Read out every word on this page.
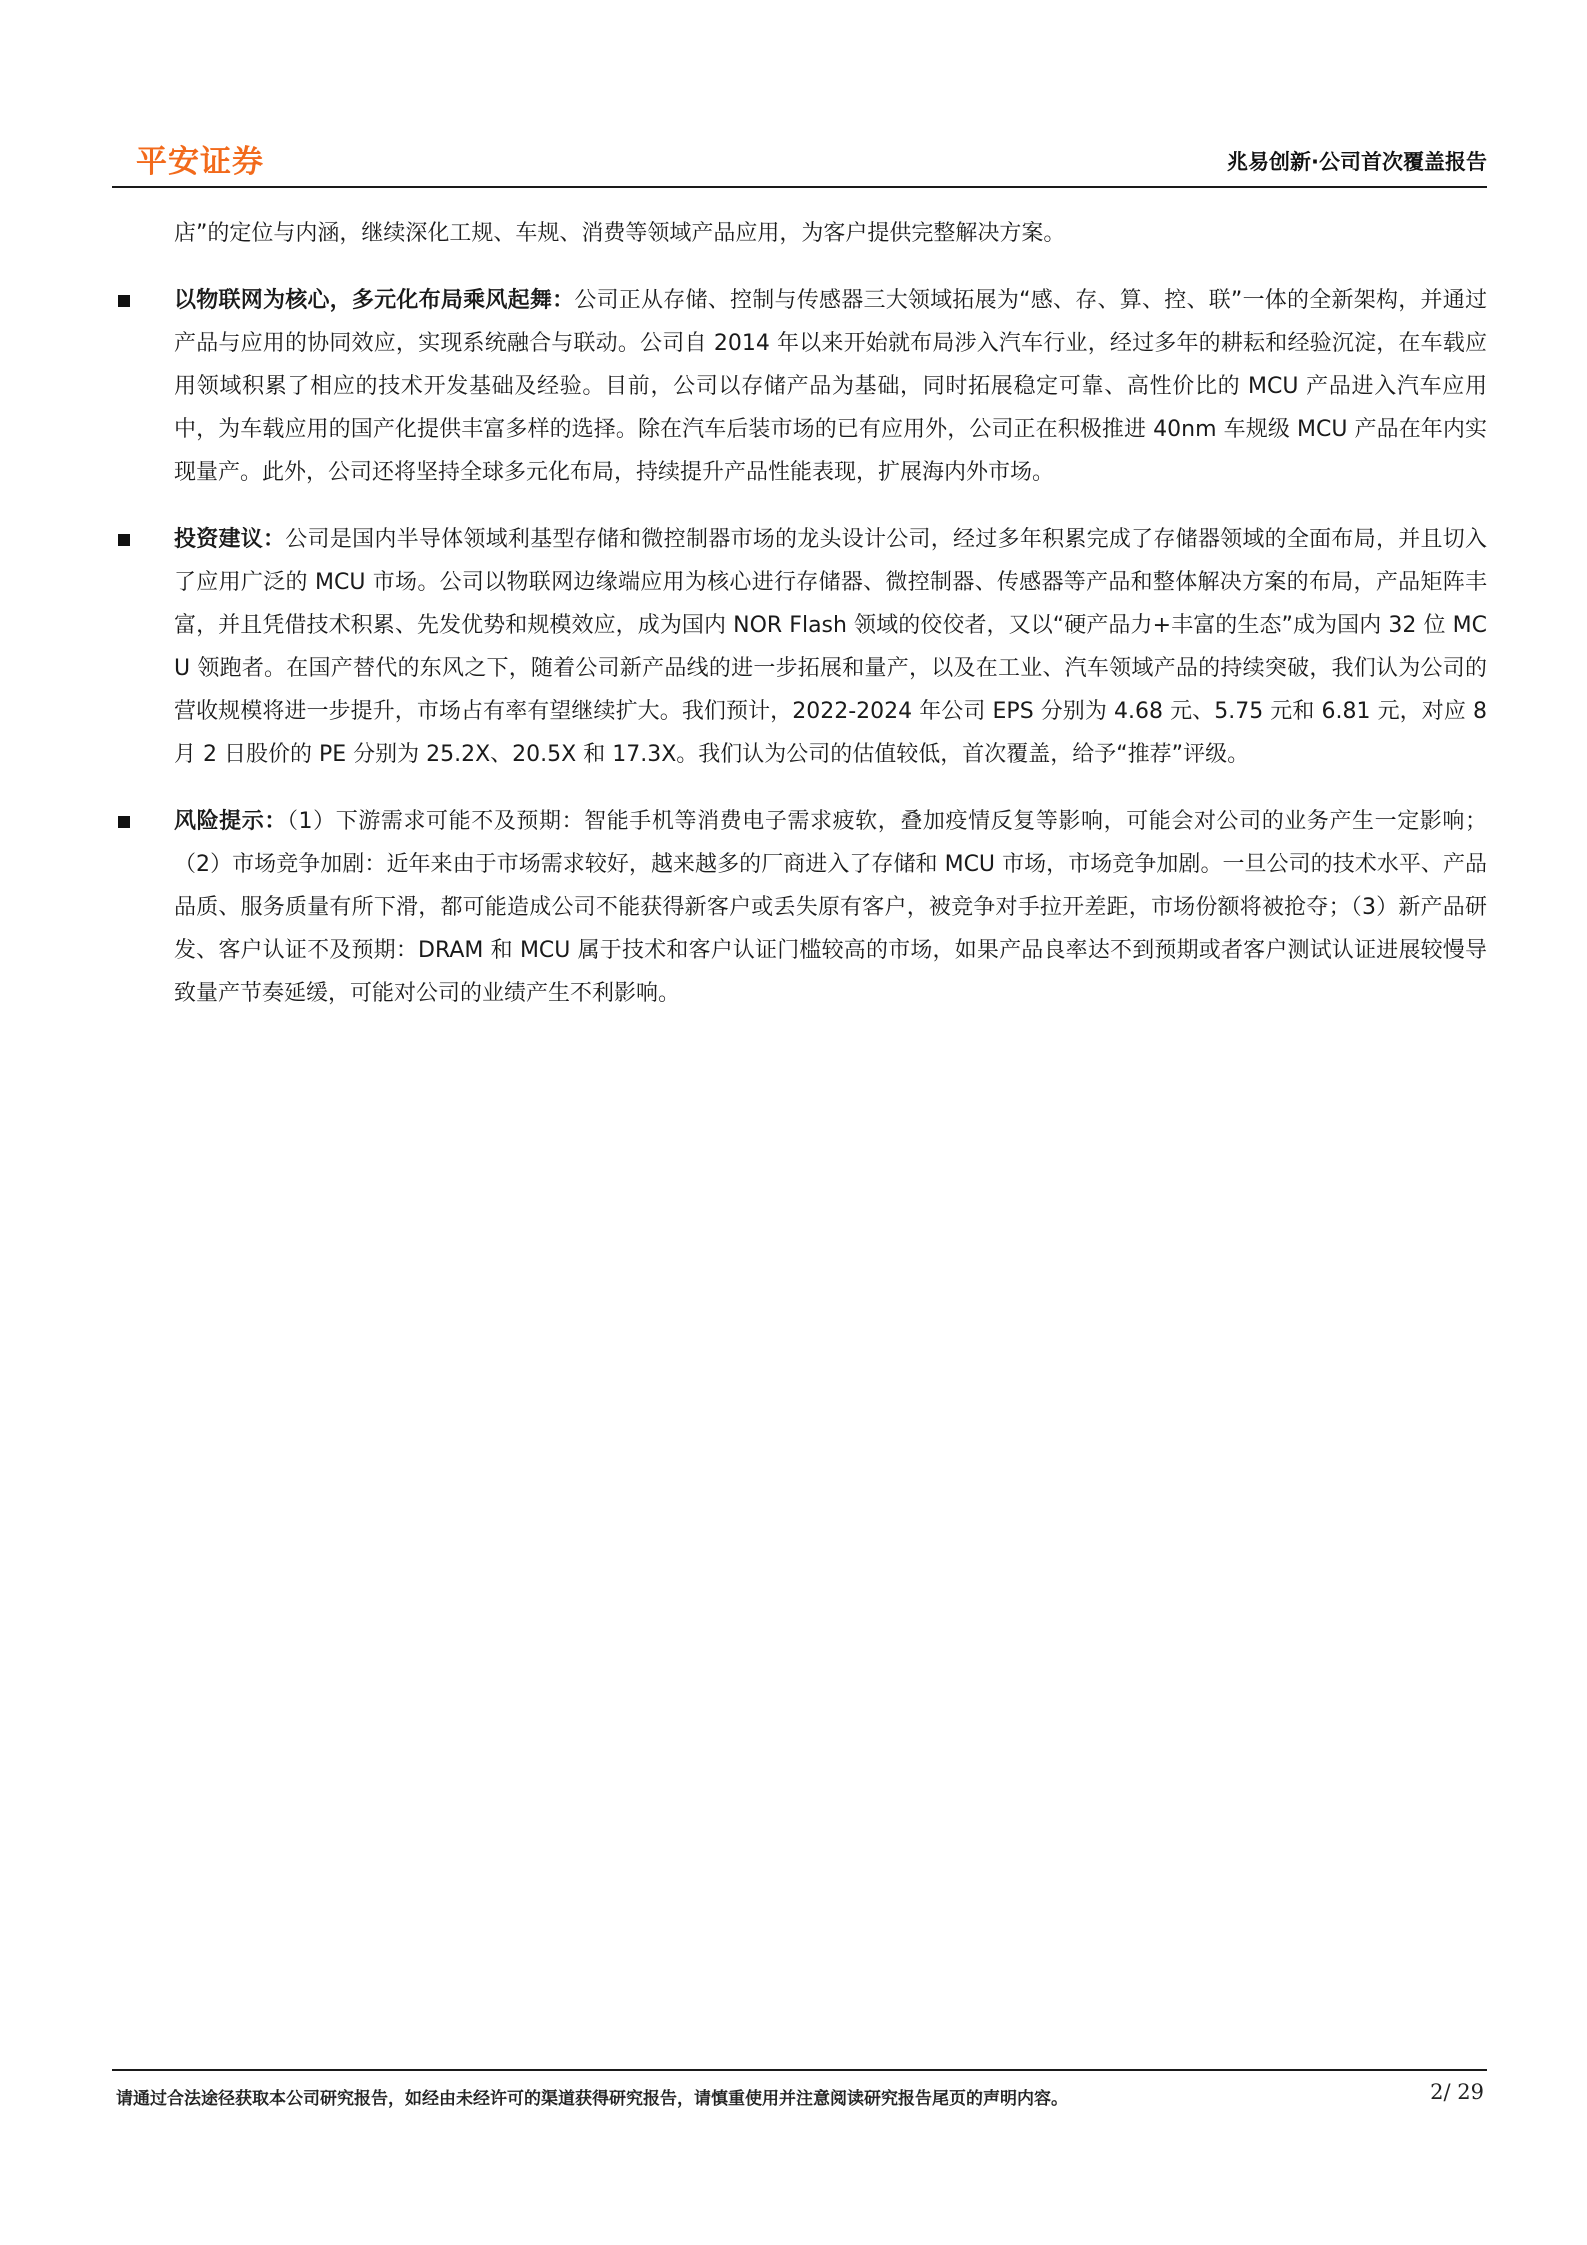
平安证券	兆易创新·公司首次覆盖报告
店”的定位与内涵，继续深化工规、车规、消费等领域产品应用，为客户提供完整解决方案。
以物联网为核心，多元化布局乘风起舞：公司正从存储、控制与传感器三大领域拓展为“感、存、算、控、联”一体的全新架构，并通过产品与应用的协同效应，实现系统融合与联动。公司自 2014 年以来开始就布局涉入汽车行业，经过多年的耕耘和经验沉淀，在车载应用领域积累了相应的技术开发基础及经验。目前，公司以存储产品为基础，同时拓展稳定可靠、高性价比的 MCU 产品进入汽车应用中，为车载应用的国产化提供丰富多样的选择。除在汽车后装市场的已有应用外，公司正在积极推进 40nm 车规级 MCU 产品在年内实现量产。此外，公司还将坚持全球多元化布局，持续提升产品性能表现，扩展海内外市场。
投资建议：公司是国内半导体领域利基型存储和微控制器市场的龙头设计公司，经过多年积累完成了存储器领域的全面布局，并且切入了应用广泛的 MCU 市场。公司以物联网边缘端应用为核心进行存储器、微控制器、传感器等产品和整体解决方案的布局，产品矩阵丰富，并且凭借技术积累、先发优势和规模效应，成为国内 NOR Flash 领域的佼佼者，又以“硬产品力+丰富的生态”成为国内 32 位 MCU 领跑者。在国产替代的东风之下，随着公司新产品线的进一步拓展和量产，以及在工业、汽车领域产品的持续突破，我们认为公司的营收规模将进一步提升，市场占有率有望继续扩大。我们预计，2022-2024 年公司 EPS 分别为 4.68 元、5.75 元和 6.81 元，对应 8 月 2 日股价的 PE 分别为 25.2X、20.5X 和 17.3X。我们认为公司的估值较低，首次覆盖，给予“推荐”评级。
风险提示：（1）下游需求可能不及预期：智能手机等消费电子需求疲软，叠加疫情反复等影响，可能会对公司的业务产生一定影响；（2）市场竞争加剧：近年来由于市场需求较好，越来越多的厂商进入了存储和 MCU 市场，市场竞争加剧。一旦公司的技术水平、产品品质、服务质量有所下滑，都可能造成公司不能获得新客户或丢失原有客户，被竞争对手拉开差距，市场份额将被抢夺；（3）新产品研发、客户认证不及预期：DRAM 和 MCU 属于技术和客户认证门槛较高的市场，如果产品良率达不到预期或者客户测试认证进展较慢导致量产节奏延缓，可能对公司的业绩产生不利影响。
请通过合法途径获取本公司研究报告，如经由未经许可的渠道获得研究报告，请慎重使用并注意阅读研究报告尾页的声明内容。	2/ 29
